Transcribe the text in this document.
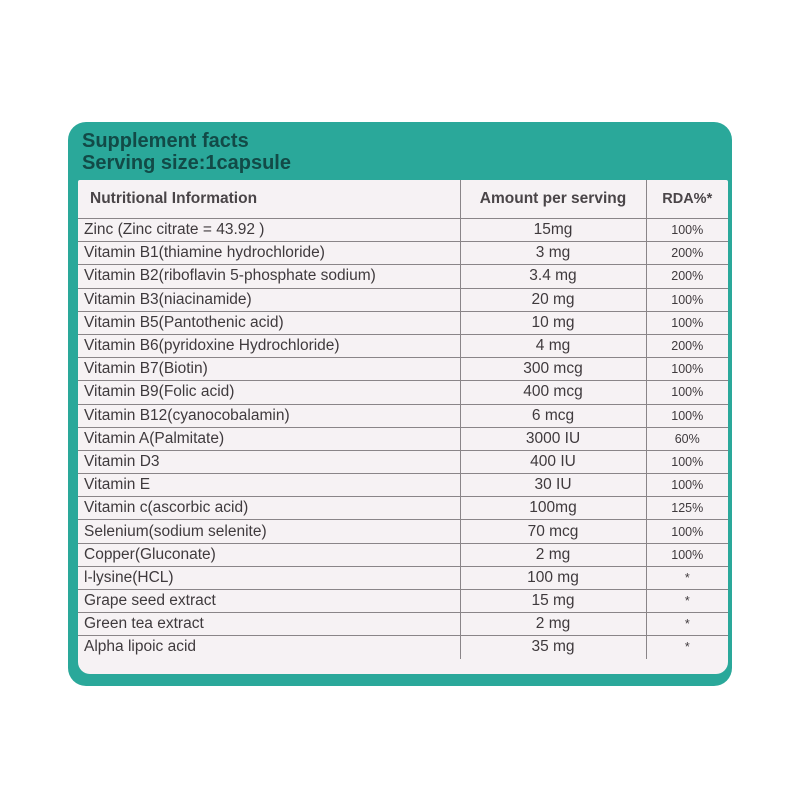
Supplement facts
Serving size:1capsule
Nutritional Information	Amount per serving	RDA%*
Zinc (Zinc citrate = 43.92 )	15mg	100%
Vitamin B1(thiamine hydrochloride)	3 mg	200%
Vitamin B2(riboflavin 5-phosphate sodium)	3.4 mg	200%
Vitamin B3(niacinamide)	20 mg	100%
Vitamin B5(Pantothenic acid)	10 mg	100%
Vitamin B6(pyridoxine Hydrochloride)	4 mg	200%
Vitamin B7(Biotin)	300 mcg	100%
Vitamin B9(Folic acid)	400 mcg	100%
Vitamin B12(cyanocobalamin)	6 mcg	100%
Vitamin A(Palmitate)	3000 IU	60%
Vitamin D3	400 IU	100%
Vitamin E	30 IU	100%
Vitamin c(ascorbic acid)	100mg	125%
Selenium(sodium selenite)	70 mcg	100%
Copper(Gluconate)	2 mg	100%
l-lysine(HCL)	100 mg	*
Grape seed extract	15 mg	*
Green tea extract	2 mg	*
Alpha lipoic acid	35 mg	*
